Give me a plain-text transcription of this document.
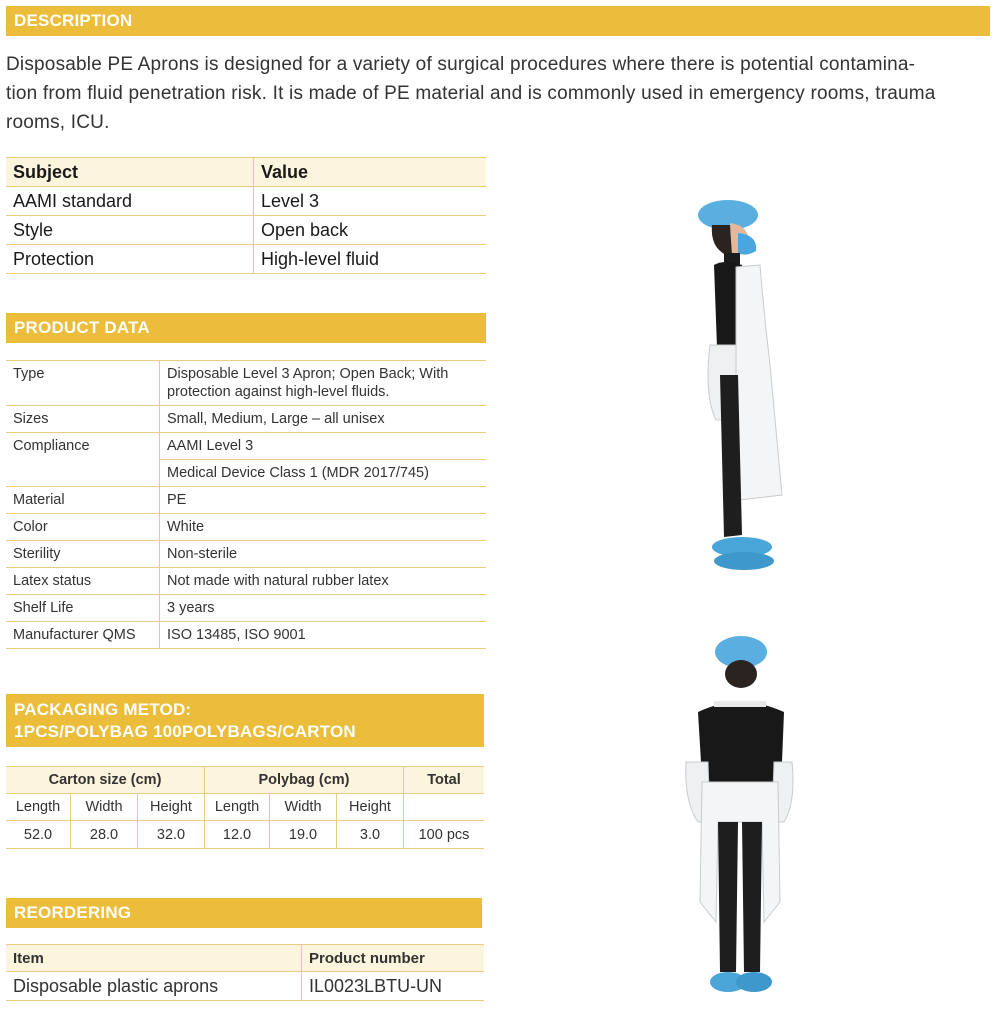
DESCRIPTION
Disposable PE Aprons is designed for a variety of surgical procedures where there is potential contamina-
tion from fluid penetration risk. It is made of PE material and is commonly used in emergency rooms, trauma
rooms, ICU.
Subject	Value
AAMI standard	Level 3
Style	Open back
Protection	High-level fluid
PRODUCT DATA
Type	Disposable Level 3 Apron; Open Back; With
protection against high-level fluids.

Sizes	Small, Medium, Large – all unisex
Compliance	AAMI Level 3
	Medical Device Class 1 (MDR 2017/745)
Material	PE
Color	White
Sterility	Non-sterile
Latex status	Not made with natural rubber latex
Shelf Life	3 years
Manufacturer QMS	ISO 13485, ISO 9001
PACKAGING METOD:
1PCS/POLYBAG 100POLYBAGS/CARTON
Carton size (cm)			Polybag (cm)			Total
Length	Width	Height	Length	Width	Height	
52.0	28.0	32.0	12.0	19.0	3.0	100 pcs
REORDERING
Item	Product number
Disposable plastic aprons	IL0023LBTU-UN
